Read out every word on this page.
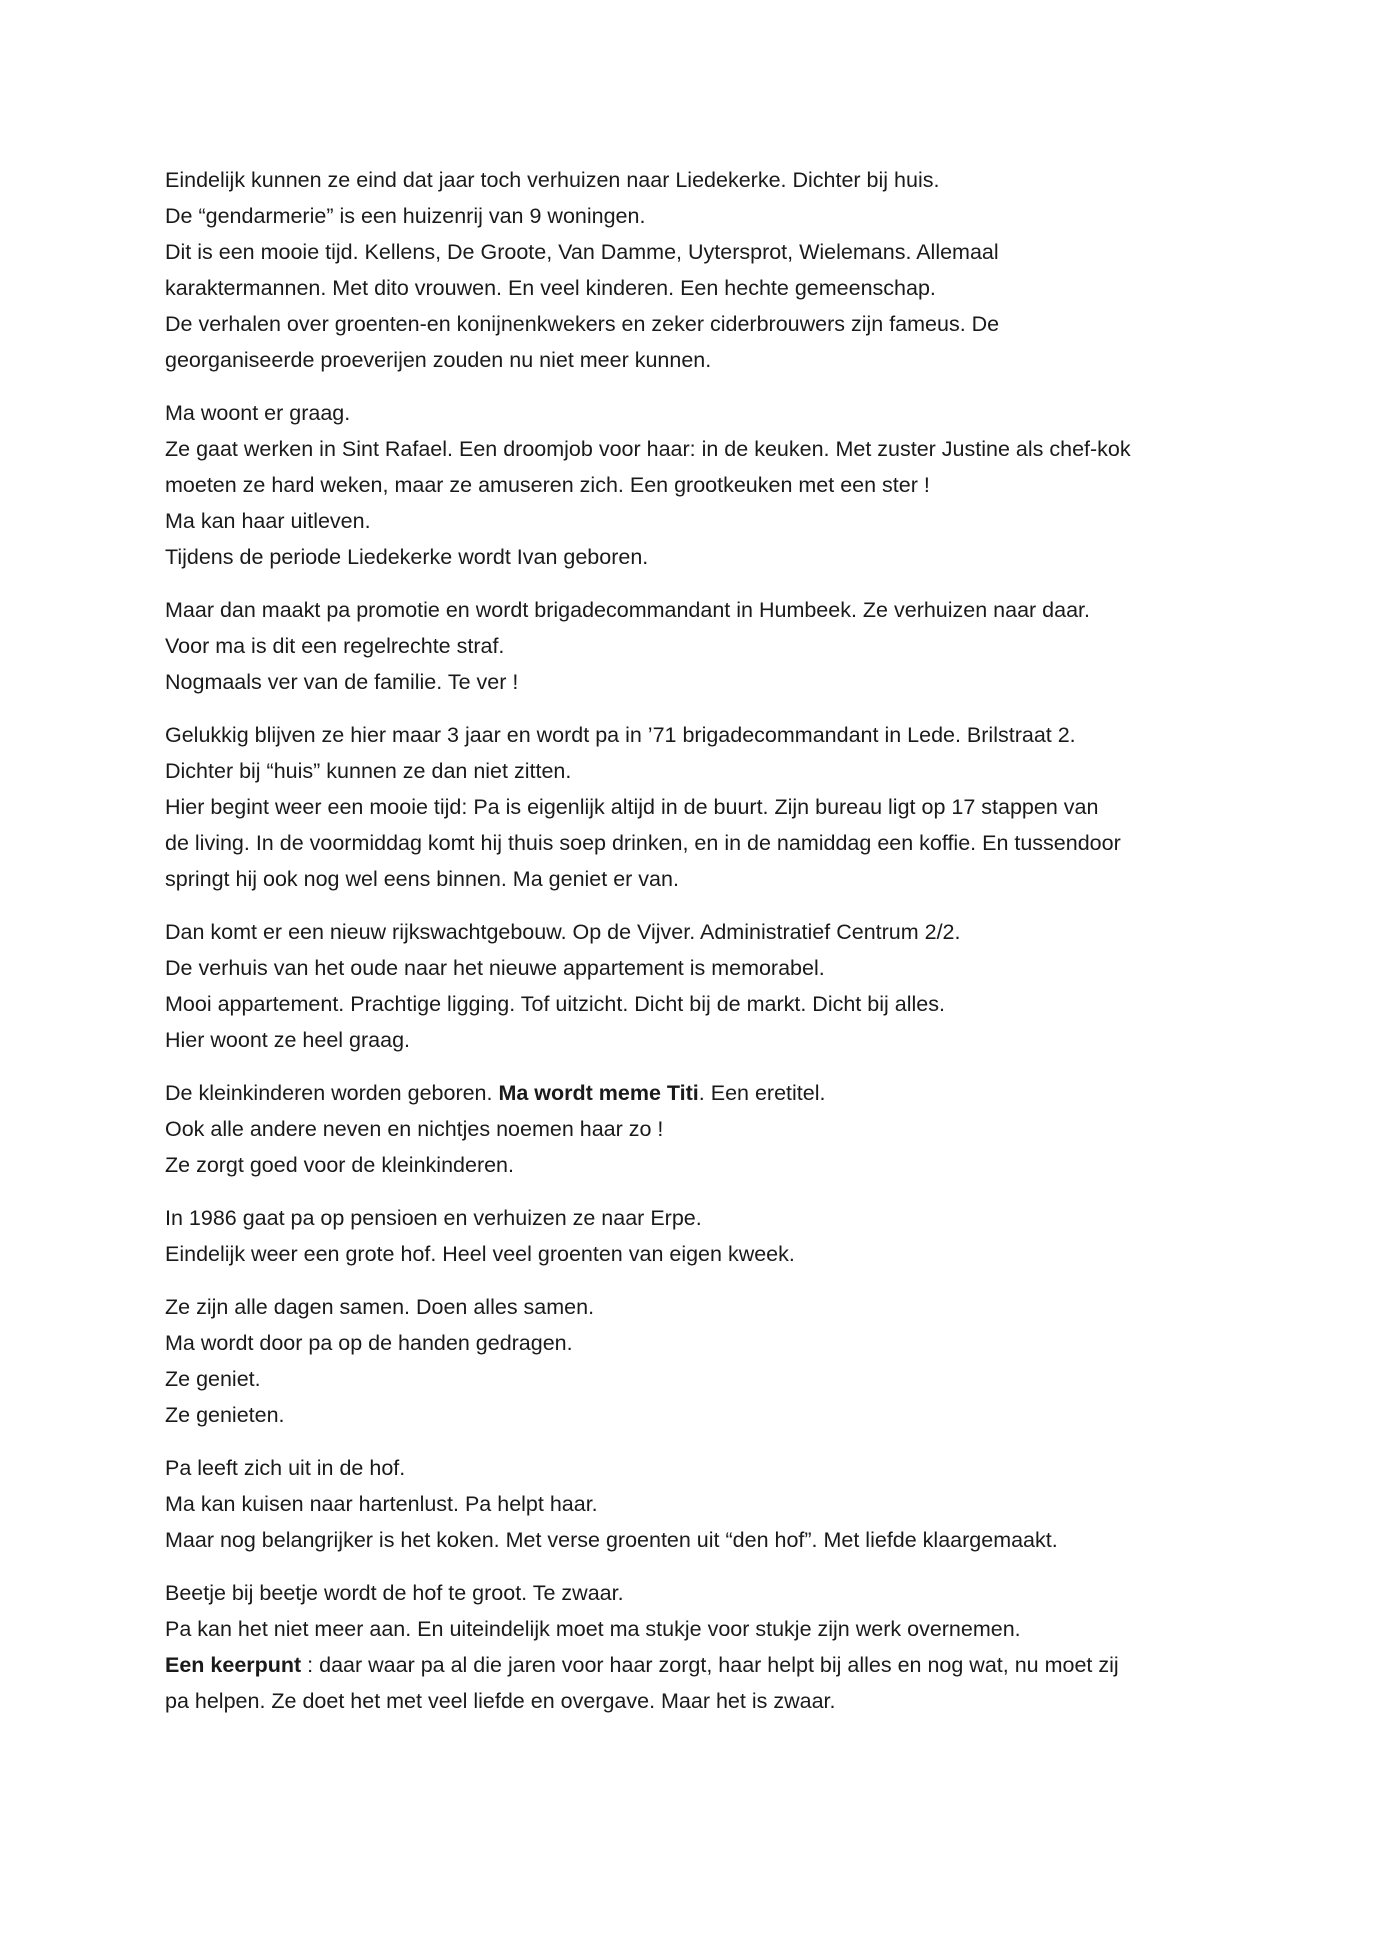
Eindelijk kunnen ze eind dat jaar toch verhuizen naar Liedekerke. Dichter bij huis.
De “gendarmerie” is een huizenrij van 9 woningen.
Dit is een mooie tijd. Kellens, De Groote, Van Damme, Uytersprot, Wielemans. Allemaal
karaktermannen. Met dito vrouwen. En veel kinderen. Een hechte gemeenschap.
De verhalen over groenten-en konijnenkwekers en zeker ciderbrouwers zijn fameus. De
georganiseerde proeverijen zouden nu niet meer kunnen.
Ma woont er graag.
Ze gaat werken in Sint Rafael. Een droomjob voor haar: in de keuken. Met zuster Justine als chef-kok
moeten ze hard weken, maar ze amuseren zich. Een grootkeuken met een ster !
Ma kan haar uitleven.
Tijdens de periode Liedekerke wordt Ivan geboren.
Maar dan maakt pa promotie en wordt brigadecommandant in Humbeek. Ze verhuizen naar daar.
Voor ma is dit een regelrechte straf.
Nogmaals ver van de familie. Te ver !
Gelukkig blijven ze hier maar 3 jaar en wordt pa in ’71 brigadecommandant in Lede. Brilstraat 2.
Dichter bij “huis” kunnen ze dan niet zitten.
Hier begint weer een mooie tijd: Pa is eigenlijk altijd in de buurt. Zijn bureau ligt op 17 stappen van
de living. In de voormiddag komt hij thuis soep drinken, en in de namiddag een koffie. En tussendoor
springt hij ook nog wel eens binnen. Ma geniet er van.
Dan komt er een nieuw rijkswachtgebouw. Op de Vijver. Administratief Centrum 2/2.
De verhuis van het oude naar het nieuwe appartement is memorabel.
Mooi appartement. Prachtige ligging. Tof uitzicht. Dicht bij de markt. Dicht bij alles.
Hier woont ze heel graag.
De kleinkinderen worden geboren. Ma wordt meme Titi. Een eretitel.
Ook alle andere neven en nichtjes noemen haar zo !
Ze zorgt goed voor de kleinkinderen.
In 1986 gaat pa op pensioen en verhuizen ze naar Erpe.
Eindelijk weer een grote hof. Heel veel groenten van eigen kweek.
Ze zijn alle dagen samen. Doen alles samen.
Ma wordt door pa op de handen gedragen.
Ze geniet.
Ze genieten.
Pa leeft zich uit in de hof.
Ma kan kuisen naar hartenlust. Pa helpt haar.
Maar nog belangrijker is het koken. Met verse groenten uit “den hof”. Met liefde klaargemaakt.
Beetje bij beetje wordt de hof te groot. Te zwaar.
Pa kan het niet meer aan. En uiteindelijk moet ma stukje voor stukje zijn werk overnemen.
Een keerpunt : daar waar pa al die jaren voor haar zorgt, haar helpt bij alles en nog wat, nu moet zij
pa helpen. Ze doet het met veel liefde en overgave. Maar het is zwaar.
